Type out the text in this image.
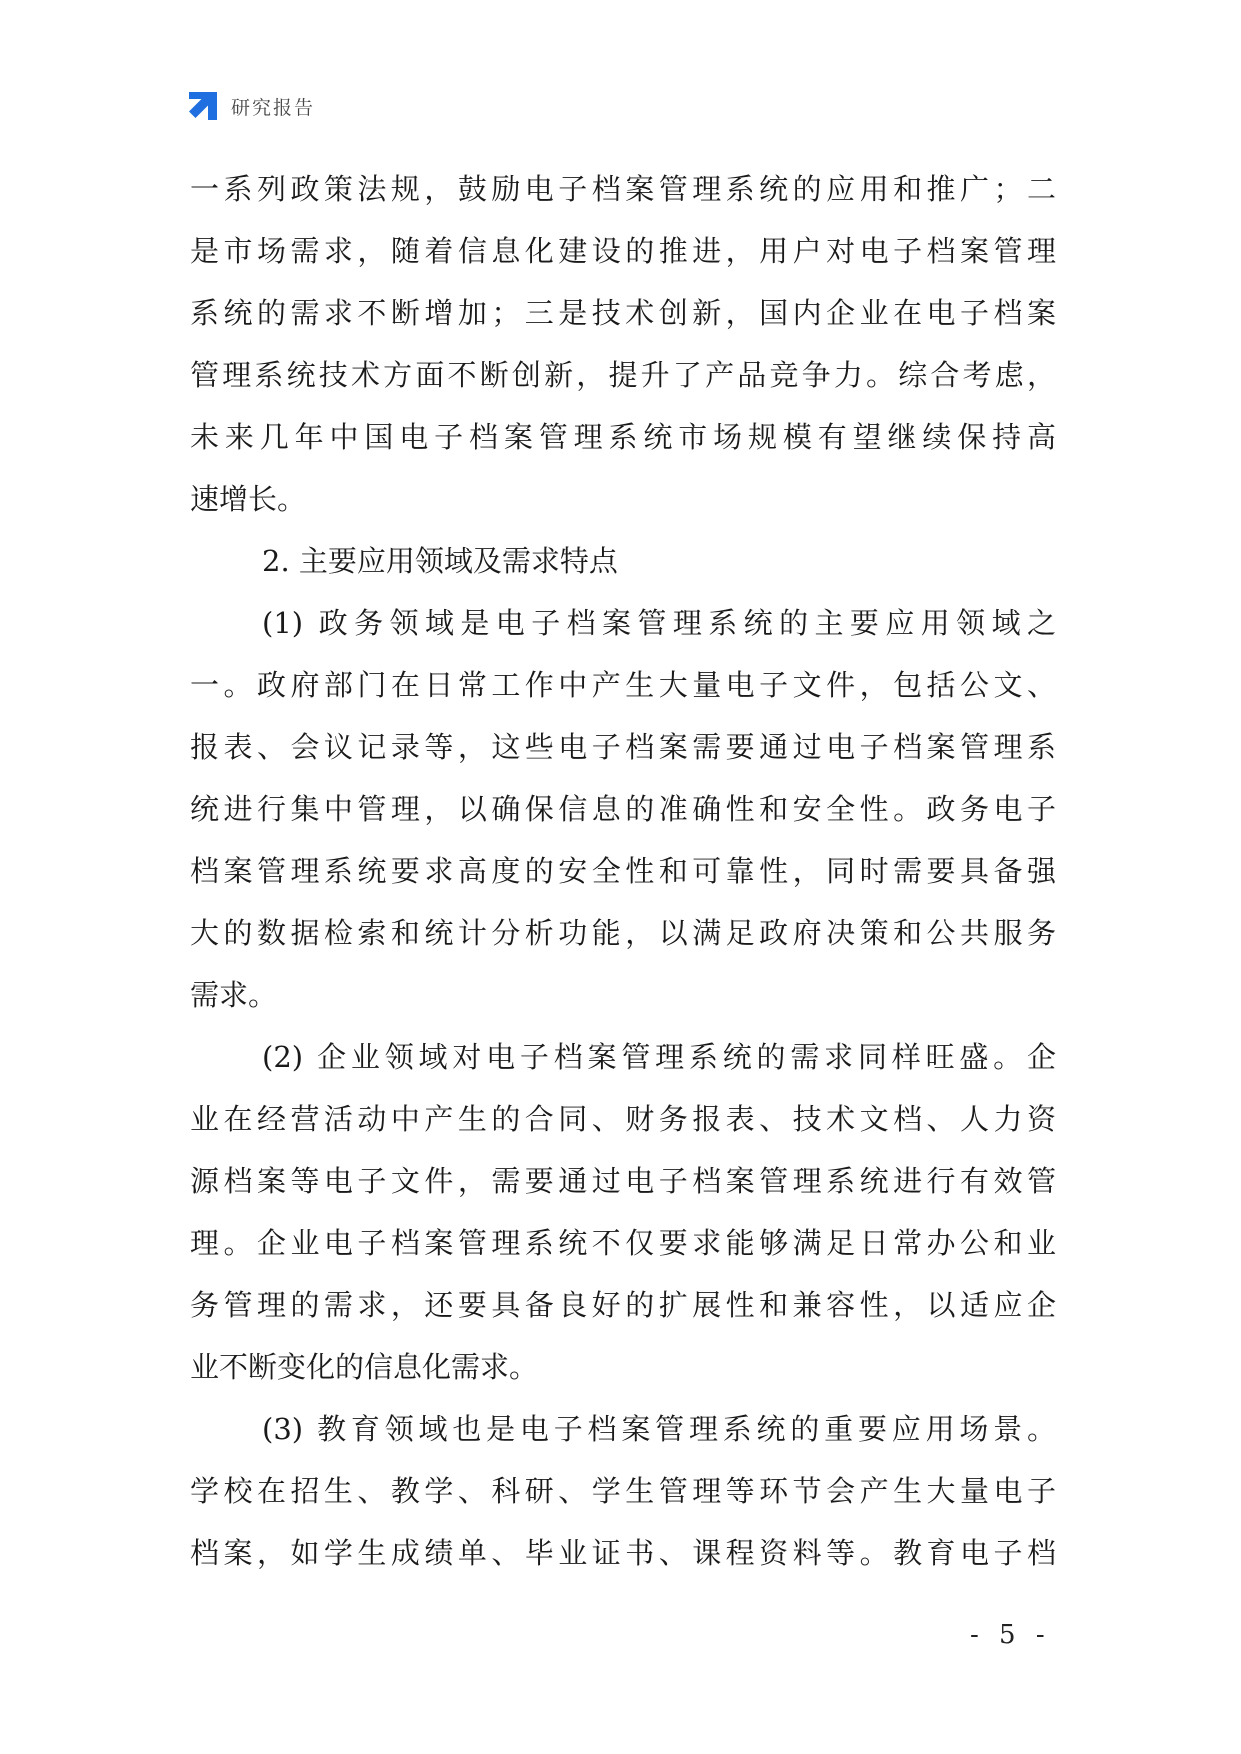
研究报告
一系列政策法规，鼓励电子档案管理系统的应用和推广；二
是市场需求，随着信息化建设的推进，用户对电子档案管理
系统的需求不断增加；三是技术创新，国内企业在电子档案
管理系统技术方面不断创新，提升了产品竞争力。综合考虑，
未来几年中国电子档案管理系统市场规模有望继续保持高
速增长。
2. 主要应用领域及需求特点
(1) 政务领域是电子档案管理系统的主要应用领域之
一。政府部门在日常工作中产生大量电子文件，包括公文、
报表、会议记录等，这些电子档案需要通过电子档案管理系
统进行集中管理，以确保信息的准确性和安全性。政务电子
档案管理系统要求高度的安全性和可靠性，同时需要具备强
大的数据检索和统计分析功能，以满足政府决策和公共服务
需求。
(2) 企业领域对电子档案管理系统的需求同样旺盛。企
业在经营活动中产生的合同、财务报表、技术文档、人力资
源档案等电子文件，需要通过电子档案管理系统进行有效管
理。企业电子档案管理系统不仅要求能够满足日常办公和业
务管理的需求，还要具备良好的扩展性和兼容性，以适应企
业不断变化的信息化需求。
(3) 教育领域也是电子档案管理系统的重要应用场景。
学校在招生、教学、科研、学生管理等环节会产生大量电子
档案，如学生成绩单、毕业证书、课程资料等。教育电子档
- 5 -
